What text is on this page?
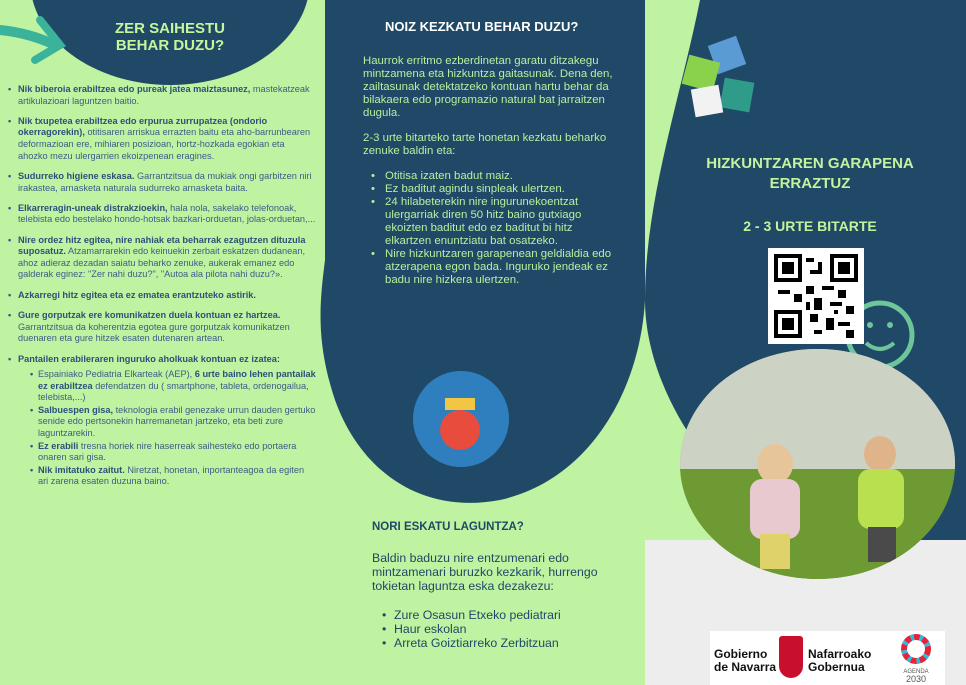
ZER SAIHESTU BEHAR DUZU?
• Nik biberoia erabiltzea edo pureak jatea maiztasunez, mastekatzeak artikulazioari laguntzen baitio.
• Nik txupetea erabiltzea edo erpurua zurrupatzea (ondorio okerragorekin), otitisaren arriskua errazten baitu eta aho-barrunbearen deformazioan ere, mihiaren posizioan, hortz-hozkada egokian eta ahozko mezu ulergarrien ekoizpenean eragines.
• Sudurreko higiene eskasa. Garrantzitsua da mukiak ongi garbitzen niri irakastea, arnasketa naturala sudurreko arnasketa baita.
• Elkarreragin-uneak distrakzioekin, hala nola, sakelako telefonoak, telebista edo bestelako hondo-hotsak bazkari-orduetan, jolas-orduetan,...
• Nire ordez hitz egitea, nire nahiak eta beharrak ezagutzen dituzula suposatuz. Atzamarrarekin edo keinuekin zerbait eskatzen dudanean, ahoz adieraz dezadan saiatu beharko zenuke, aukerak emanez edo galderak eginez: "Zer nahi duzu?", "Autoa ala pilota nahi duzu?».
• Azkarregi hitz egitea eta ez ematea erantzuteko astirik.
• Gure gorputzak ere komunikatzen duela kontuan ez hartzea. Garrantzitsua da koherentzia egotea gure gorputzak komunikatzen duenaren eta gure hitzek esaten dutenaren artean.
• Pantailen erabileraren inguruko aholkuak kontuan ez izatea:
• Espainiako Pediatria Elkarteak (AEP), 6 urte baino lehen pantailak ez erabiltzea defendatzen du ( smartphone, tableta, ordenogailua, telebista,...)
• Salbuespen gisa, teknologia erabil genezake urrun dauden gertuko senide edo pertsonekin harremanetan jartzeko, eta beti zure laguntzarekin.
• Ez erabili tresna horiek nire haserreak saihesteko edo portaera onaren sari gisa.
• Nik imitatuko zaitut. Niretzat, honetan, inportanteagoa da egiten ari zarena esaten duzuna baino.
NOIZ KEZKATU BEHAR DUZU?

Haurrok erritmo ezberdinetan garatu ditzakegu mintzamena eta hizkuntza gaitasunak. Dena den, zailtasunak detektatzeko kontuan hartu behar da bilakaera edo programazio natural bat jarraitzen dugula.

2-3 urte bitarteko tarte honetan kezkatu beharko zenuke baldin eta:

• Otitisa izaten badut maiz.
• Ez baditut agindu sinpleak ulertzen.
• 24 hilabeterekin nire ingurunekoentzat ulergarriak diren 50 hitz baino gutxiago ekoizten baditut edo ez baditut bi hitz elkartzen enuntziatu bat osatzeko.
• Nire hizkuntzaren garapenean geldialdia edo atzerapena egon bada. Inguruko jendeak ez badu nire hizkera ulertzen.
NORI ESKATU LAGUNTZA?

Baldin baduzu nire entzumenari edo mintzamenari buruzko kezkarik, hurrengo tokietan laguntza eska dezakezu:

• Zure Osasun Etxeko pediatrari
• Haur eskolan
• Arreta Goiztiarreko Zerbitzuan
HIZKUNTZAREN GARAPENA ERRAZTUZ
2 - 3 URTE BITARTE
Gobierno
de Navarra
Nafarroako
Gobernua	AGENDA
2030
